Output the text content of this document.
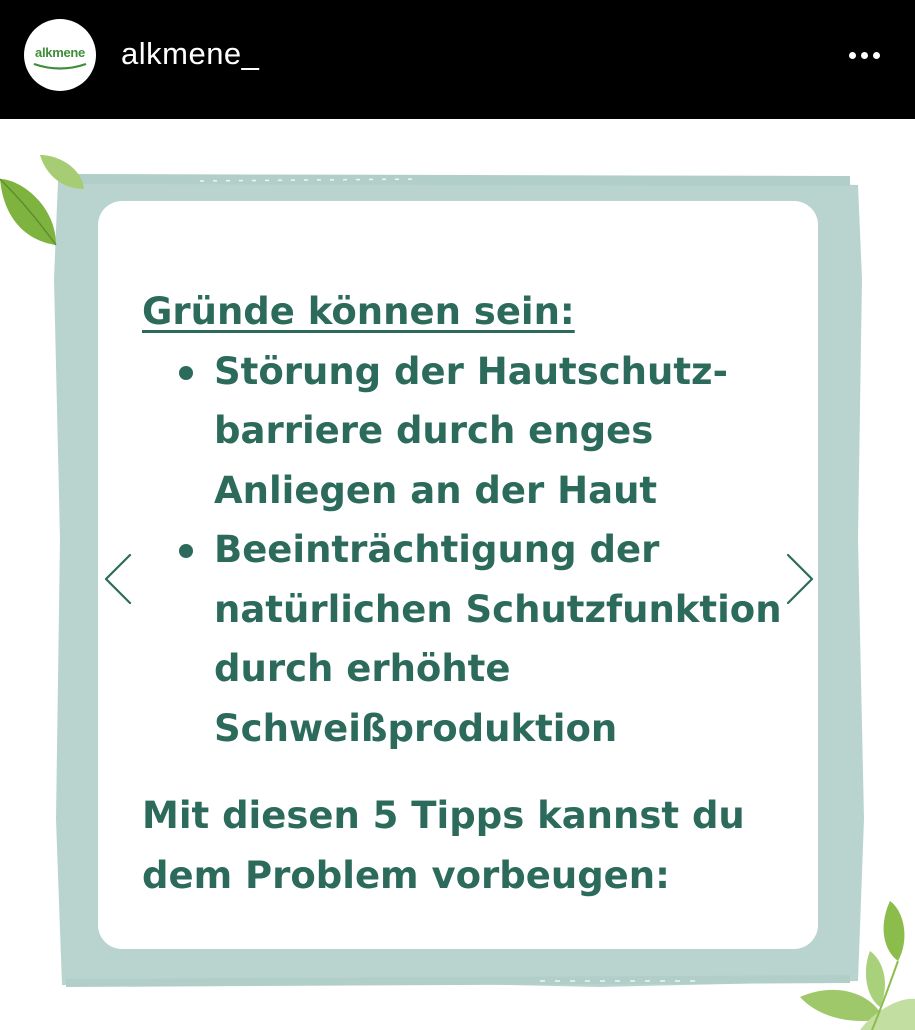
alkmene	alkmene_
Gründe können sein:
Störung der Hautschutz-
barriere durch enges
Anliegen an der Haut
Beeinträchtigung der
natürlichen Schutzfunktion
durch erhöhte
Schweißproduktion
Mit diesen 5 Tipps kannst du
dem Problem vorbeugen:
